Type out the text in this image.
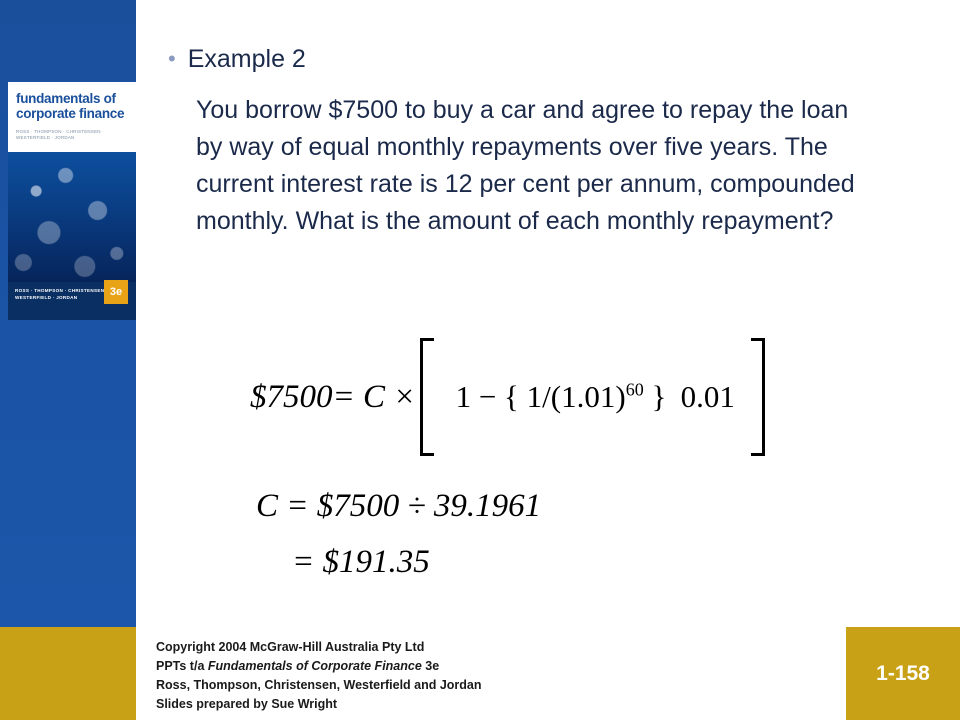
fundamentals of
corporate finance
ROSS · THOMPSON · CHRISTENSEN · WESTERFIELD · JORDAN
ROSS · THOMPSON · CHRISTENSEN
WESTERFIELD · JORDAN	3e
• Example 2
You borrow $7500 to buy a car and agree to repay the loan by way of equal monthly repayments over five years. The current interest rate is 12 per cent per annum, compounded monthly. What is the amount of each monthly repayment?
$7500= C ×	1 − { $1/(1.01)^{60}$ } 0.01
C = $7500 ÷ 39.1961
= $191.35
Copyright 2004 McGraw-Hill Australia Pty Ltd
PPTs t/a Fundamentals of Corporate Finance 3e
Ross, Thompson, Christensen, Westerfield and Jordan
Slides prepared by Sue Wright
1-158
